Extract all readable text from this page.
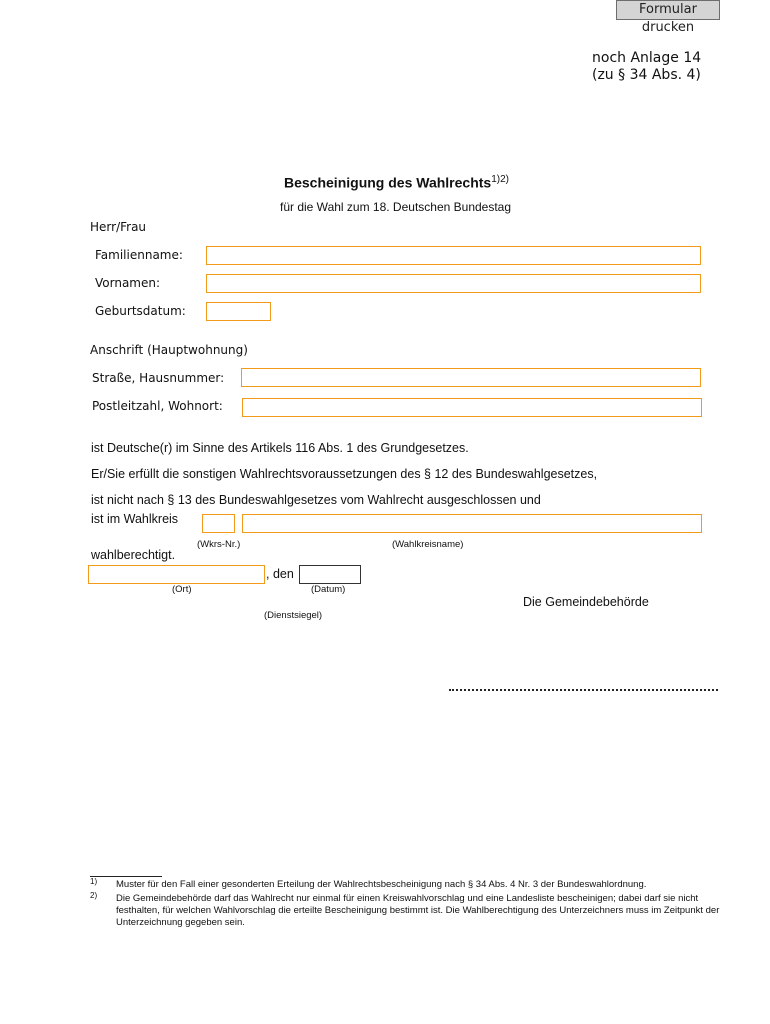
Formular drucken
noch Anlage 14
(zu § 34 Abs. 4)
Bescheinigung des Wahlrechts$^{1)2)}$
für die Wahl zum 18. Deutschen Bundestag
Herr/Frau
Familienname:
Vornamen:
Geburtsdatum:
Anschrift (Hauptwohnung)
Straße, Hausnummer:
Postleitzahl, Wohnort:
ist Deutsche(r) im Sinne des Artikels 116 Abs. 1 des Grundgesetzes.
Er/Sie erfüllt die sonstigen Wahlrechtsvoraussetzungen des § 12 des Bundeswahlgesetzes,
ist nicht nach § 13 des Bundeswahlgesetzes vom Wahlrecht ausgeschlossen und
ist im Wahlkreis
(Wkrs-Nr.)	(Wahlkreisname)
wahlberechtigt.
, den
(Ort)	(Datum)
Die Gemeindebehörde
(Dienstsiegel)
1) Muster für den Fall einer gesonderten Erteilung der Wahlrechtsbescheinigung nach § 34 Abs. 4 Nr. 3 der Bundeswahlordnung.
2) Die Gemeindebehörde darf das Wahlrecht nur einmal für einen Kreiswahlvorschlag und eine Landesliste bescheinigen; dabei darf sie nicht festhalten, für welchen Wahlvorschlag die erteilte Bescheinigung bestimmt ist. Die Wahlberechtigung des Unterzeichners muss im Zeitpunkt der Unterzeichnung gegeben sein.
